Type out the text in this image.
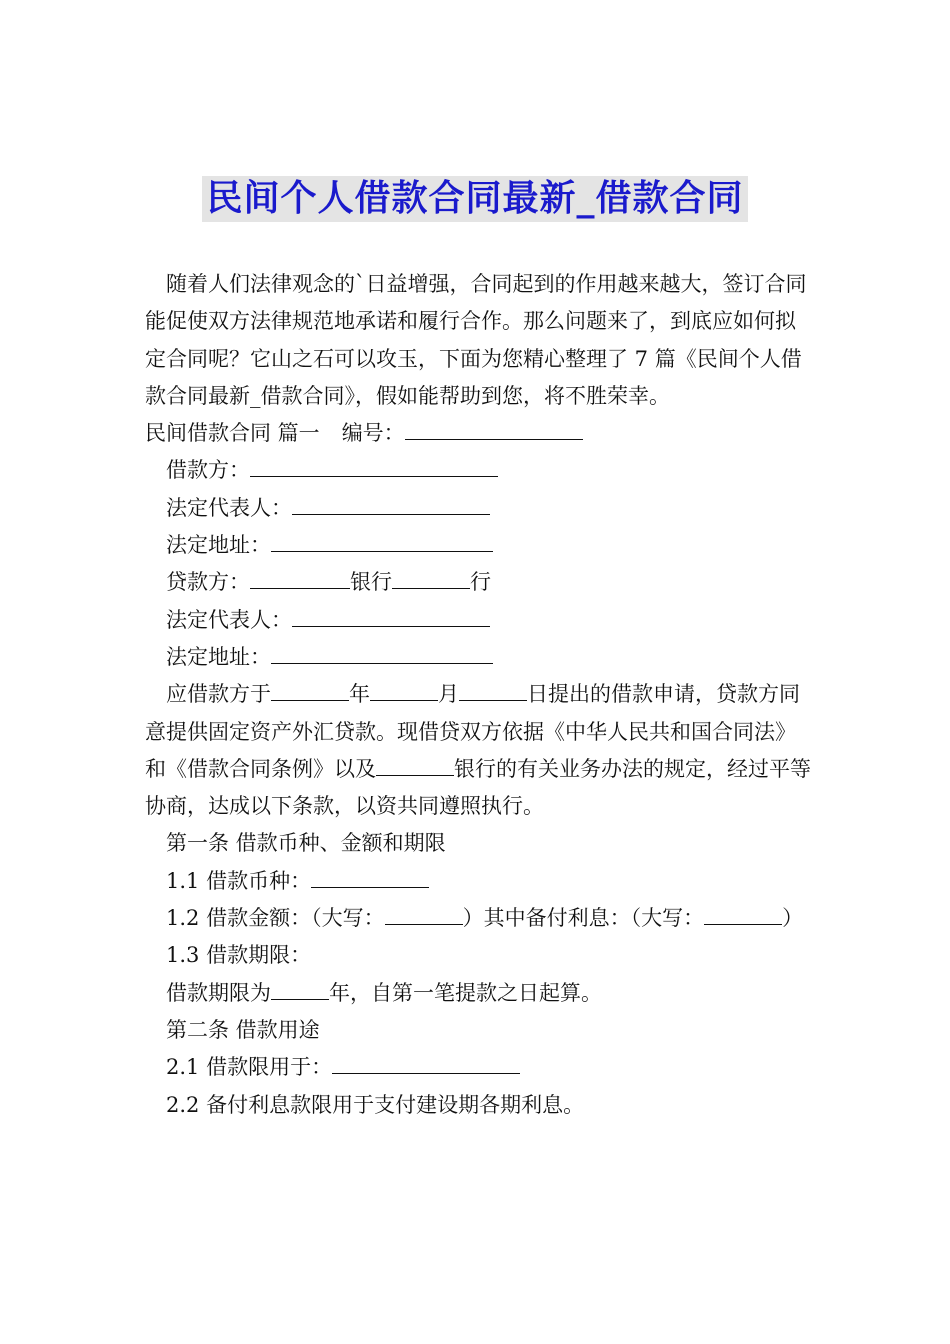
民间个人借款合同最新_借款合同

随着人们法律观念的`日益增强，合同起到的作用越来越大，签订合同能促使双方法律规范地承诺和履行合作。那么问题来了，到底应如何拟定合同呢？它山之石可以攻玉，下面为您精心整理了 7 篇《民间个人借款合同最新_借款合同》，假如能帮助到您，将不胜荣幸。

民间借款合同 篇一 编号：

借款方：

法定代表人：

法定地址：

贷款方：	银行	行

法定代表人：

法定地址：

应借款方于	年	月	日提出的借款申请，贷款方同意提供固定资产外汇贷款。现借贷双方依据《中华人民共和国合同法》和《借款合同条例》以及	银行的有关业务办法的规定，经过平等协商，达成以下条款，以资共同遵照执行。

第一条 借款币种、金额和期限

1.1 借款币种：

1.2 借款金额：（大写：	）其中备付利息：（大写：	）

1.3 借款期限：

借款期限为	年，自第一笔提款之日起算。

第二条 借款用途

2.1 借款限用于：

2.2 备付利息款限用于支付建设期各期利息。
